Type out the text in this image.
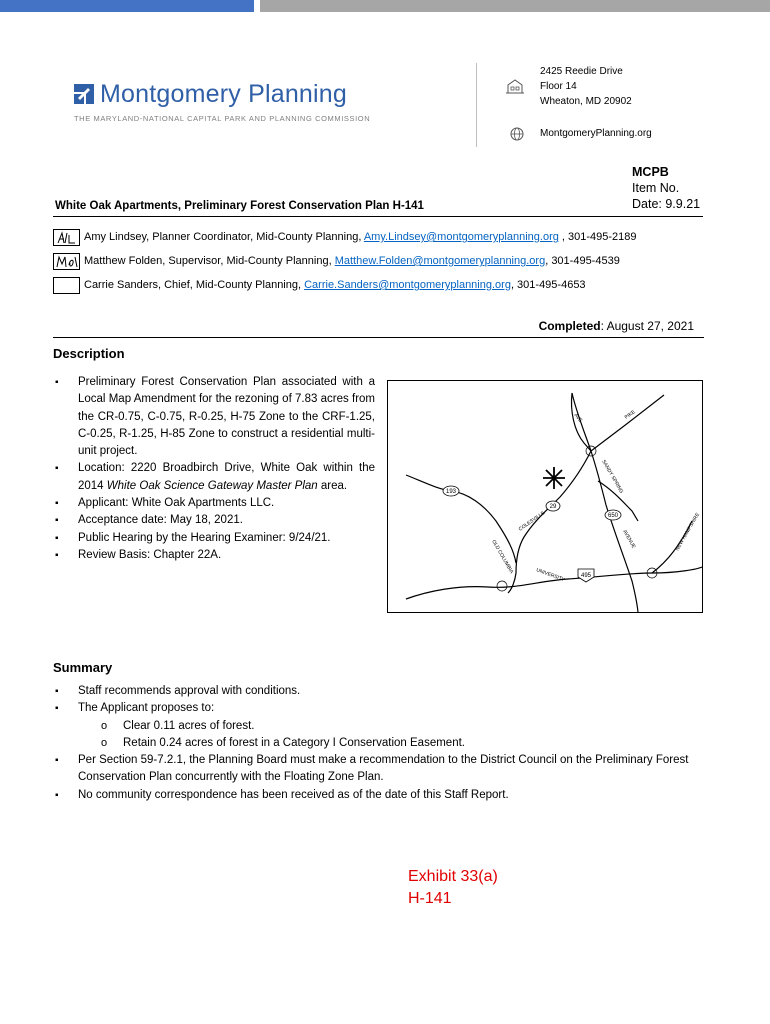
Montgomery Planning
THE MARYLAND-NATIONAL CAPITAL PARK AND PLANNING COMMISSION
2425 Reedie Drive
Floor 14
Wheaton, MD 20902
MontgomeryPlanning.org
MCPB
Item No.
Date: 9.9.21
White Oak Apartments, Preliminary Forest Conservation Plan H-141
Amy Lindsey, Planner Coordinator, Mid-County Planning, Amy.Lindsey@montgomeryplanning.org , 301-495-2189
Matthew Folden, Supervisor, Mid-County Planning, Matthew.Folden@montgomeryplanning.org, 301-495-4539
Carrie Sanders, Chief, Mid-County Planning, Carrie.Sanders@montgomeryplanning.org, 301-495-4653
Completed: August 27, 2021
Description
▪ Preliminary Forest Conservation Plan associated with a Local Map Amendment for the rezoning of 7.83 acres from the CR-0.75, C-0.75, R-0.25, H-75 Zone to the CRF-1.25, C-0.25, R-1.25, H-85 Zone to construct a residential multi-unit project.
▪ Location: 2220 Broadbirch Drive, White Oak within the 2014 White Oak Science Gateway Master Plan area.
▪ Applicant: White Oak Apartments LLC.
▪ Acceptance date: May 18, 2021.
▪ Public Hearing by the Hearing Examiner: 9/24/21.
▪ Review Basis: Chapter 22A.
193
29
650
495
SANDY SPRING
AVENUE
COLESVILLE
UNIVERSITY
OLD COLUMBIA
NEW HAMPSHIRE
AVE	PIKE
Summary
▪ Staff recommends approval with conditions.
▪ The Applicant proposes to:
o Clear 0.11 acres of forest.
o Retain 0.24 acres of forest in a Category I Conservation Easement.
▪ Per Section 59-7.2.1, the Planning Board must make a recommendation to the District Council on the Preliminary Forest Conservation Plan concurrently with the Floating Zone Plan.
▪ No community correspondence has been received as of the date of this Staff Report.
Exhibit 33(a)
H-141
